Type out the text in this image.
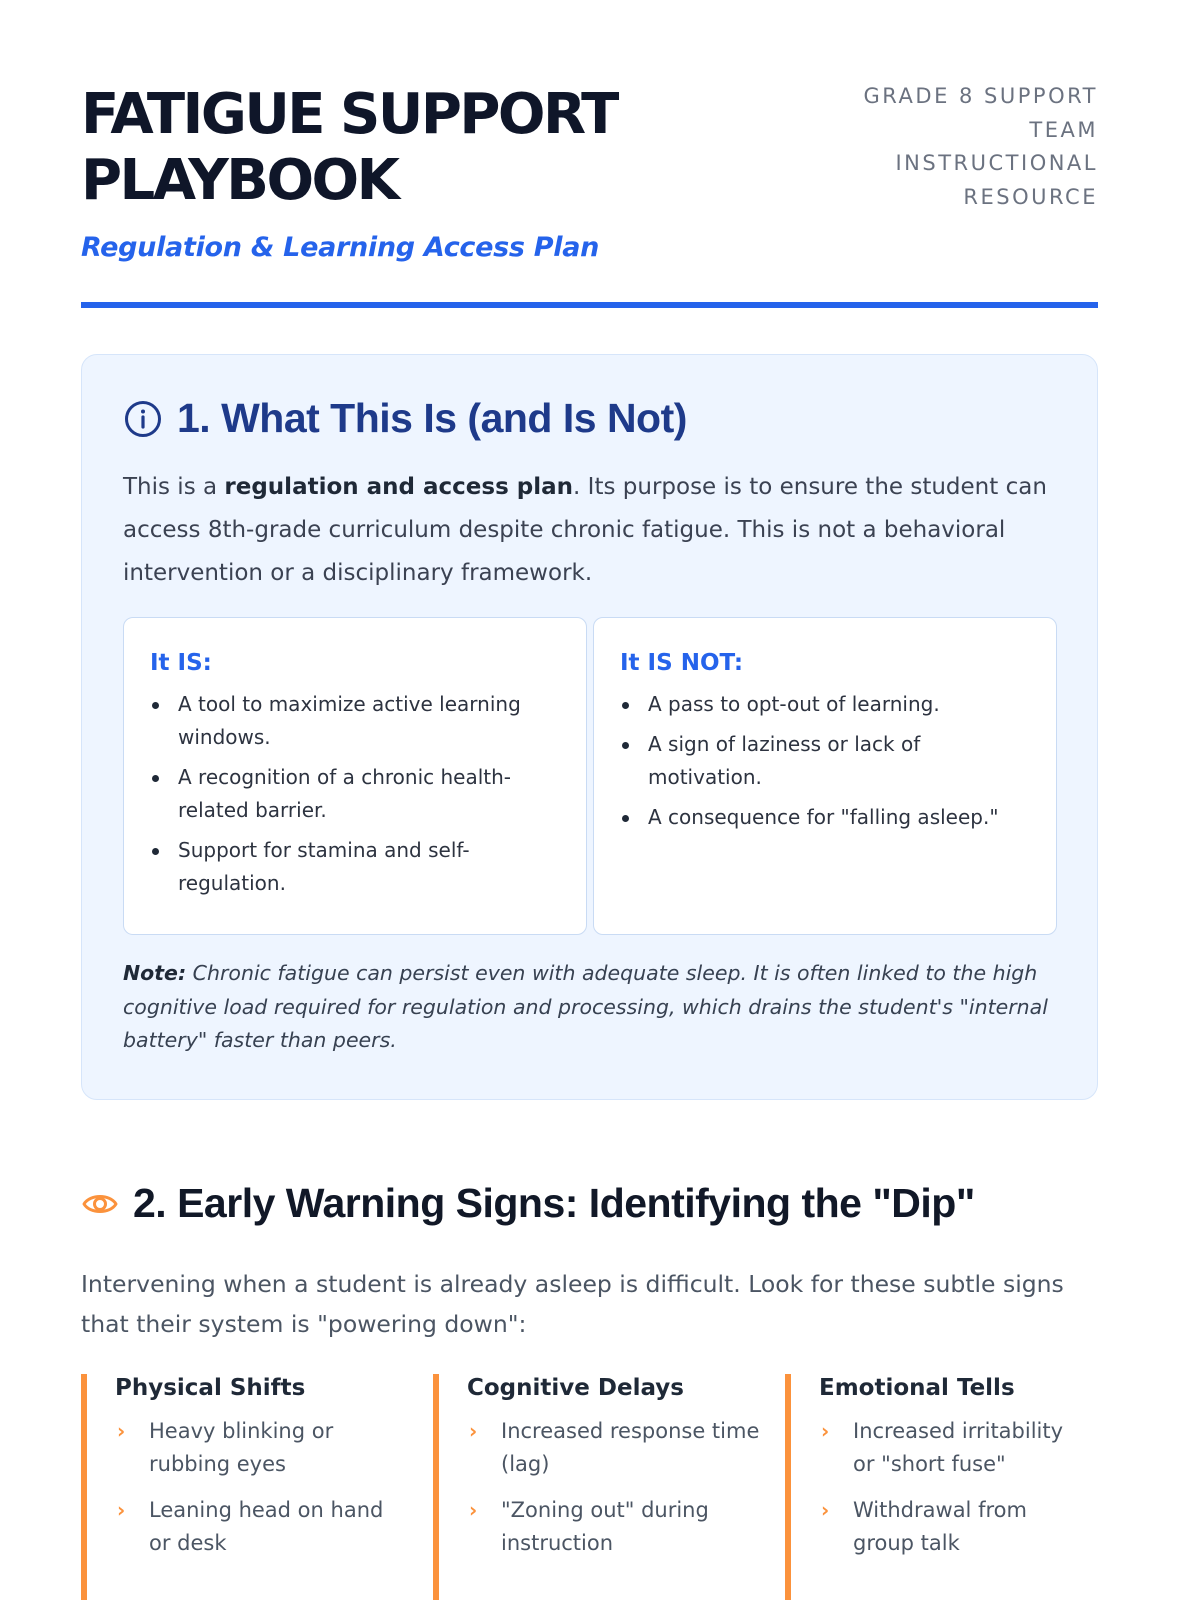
FATIGUE SUPPORT
PLAYBOOK
Regulation & Learning Access Plan
GRADE 8 SUPPORT
TEAM
INSTRUCTIONAL
RESOURCE
1. What This Is (and Is Not)
This is a regulation and access plan. Its purpose is to ensure the student can access 8th-grade curriculum despite chronic fatigue. This is not a behavioral intervention or a disciplinary framework.
It IS:
A tool to maximize active learning windows.
A recognition of a chronic health-related barrier.
Support for stamina and self-regulation.
It IS NOT:
A pass to opt-out of learning.
A sign of laziness or lack of motivation.
A consequence for "falling asleep."
Note: Chronic fatigue can persist even with adequate sleep. It is often linked to the high cognitive load required for regulation and processing, which drains the student's "internal battery" faster than peers.
2. Early Warning Signs: Identifying the "Dip"
Intervening when a student is already asleep is difficult. Look for these subtle signs that their system is "powering down":
Physical Shifts
› Heavy blinking or rubbing eyes
› Leaning head on hand or desk
Cognitive Delays
› Increased response time (lag)
› "Zoning out" during instruction
Emotional Tells
› Increased irritability or "short fuse"
› Withdrawal from group talk
